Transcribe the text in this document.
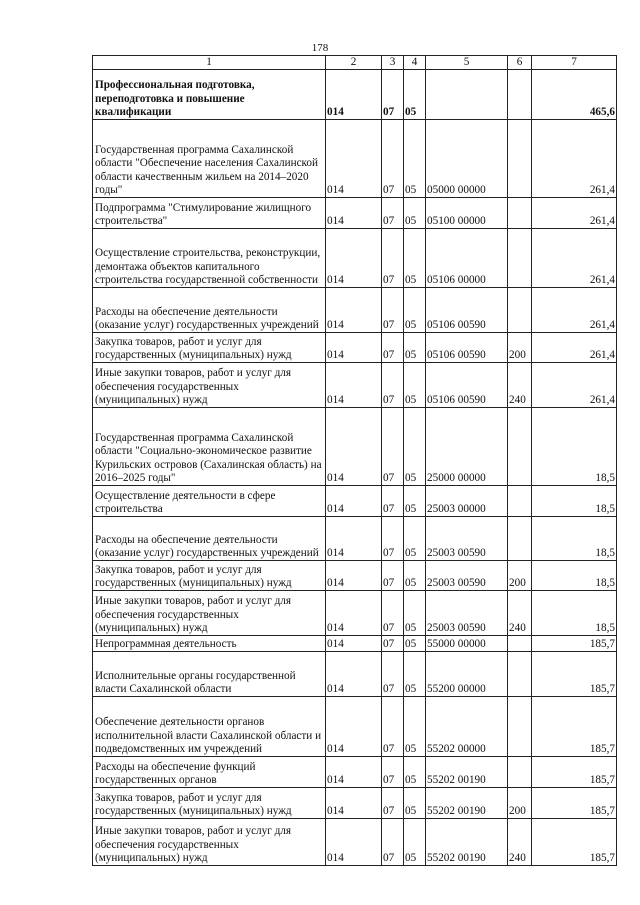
178
1	2	3	4	5	6	7
Профессиональная подготовка, переподготовка и повышение квалификации	014	07	05			465,6
Государственная программа Сахалинской области "Обеспечение населения Сахалинской области качественным жильем на 2014–2020 годы"	014	07	05	05000 00000		261,4
Подпрограмма "Стимулирование жилищного строительства"	014	07	05	05100 00000		261,4
Осуществление строительства, реконструкции, демонтажа объектов капитального строительства государственной собственности	014	07	05	05106 00000		261,4
Расходы на обеспечение деятельности (оказание услуг) государственных учреждений	014	07	05	05106 00590		261,4
Закупка товаров, работ и услуг для государственных (муниципальных) нужд	014	07	05	05106 00590	200	261,4
Иные закупки товаров, работ и услуг для обеспечения государственных (муниципальных) нужд	014	07	05	05106 00590	240	261,4
Государственная программа Сахалинской области "Социально-экономическое развитие Курильских островов (Сахалинская область) на 2016–2025 годы"	014	07	05	25000 00000		18,5
Осуществление деятельности в сфере строительства	014	07	05	25003 00000		18,5
Расходы на обеспечение деятельности (оказание услуг) государственных учреждений	014	07	05	25003 00590		18,5
Закупка товаров, работ и услуг для государственных (муниципальных) нужд	014	07	05	25003 00590	200	18,5
Иные закупки товаров, работ и услуг для обеспечения государственных (муниципальных) нужд	014	07	05	25003 00590	240	18,5
Непрограммная деятельность	014	07	05	55000 00000		185,7
Исполнительные органы государственной власти Сахалинской области	014	07	05	55200 00000		185,7
Обеспечение деятельности органов исполнительной власти Сахалинской области и подведомственных им учреждений	014	07	05	55202 00000		185,7
Расходы на обеспечение функций государственных органов	014	07	05	55202 00190		185,7
Закупка товаров, работ и услуг для государственных (муниципальных) нужд	014	07	05	55202 00190	200	185,7
Иные закупки товаров, работ и услуг для обеспечения государственных (муниципальных) нужд	014	07	05	55202 00190	240	185,7
